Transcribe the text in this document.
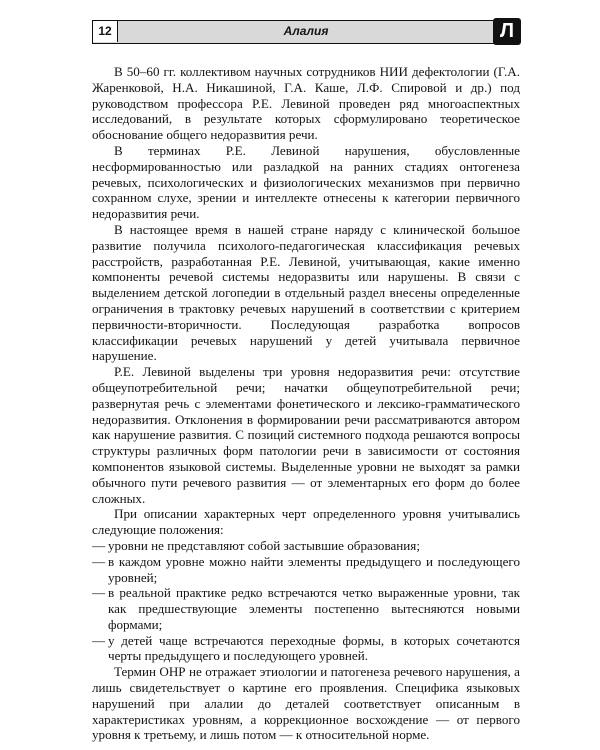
12	Алалия	Л

В 50–60 гг. коллективом научных сотрудников НИИ дефектологии (Г.А. Жаренковой, Н.А. Никашиной, Г.А. Каше, Л.Ф. Спировой и др.) под руководством профессора Р.Е. Левиной проведен ряд многоаспектных исследований, в результате которых сформулировано теоретическое обоснование общего недоразвития речи.

В терминах Р.Е. Левиной нарушения, обусловленные несформированностью или разладкой на ранних стадиях онтогенеза речевых, психологических и физиологических механизмов при первично сохранном слухе, зрении и интеллекте отнесены к категории первичного недоразвития речи.

В настоящее время в нашей стране наряду с клинической большое развитие получила психолого-педагогическая классификация речевых расстройств, разработанная Р.Е. Левиной, учитывающая, какие именно компоненты речевой системы недоразвиты или нарушены. В связи с выделением детской логопедии в отдельный раздел внесены определенные ограничения в трактовку речевых нарушений в соответствии с критерием первичности-вторичности. Последующая разработка вопросов классификации речевых нарушений у детей учитывала первичное нарушение.

Р.Е. Левиной выделены три уровня недоразвития речи: отсутствие общеупотребительной речи; начатки общеупотребительной речи; развернутая речь с элементами фонетического и лексико-грамматического недоразвития. Отклонения в формировании речи рассматриваются автором как нарушение развития. С позиций системного подхода решаются вопросы структуры различных форм патологии речи в зависимости от состояния компонентов языковой системы. Выделенные уровни не выходят за рамки обычного пути речевого развития — от элементарных его форм до более сложных.

При описании характерных черт определенного уровня учитывались следующие положения:

— уровни не представляют собой застывшие образования;

— в каждом уровне можно найти элементы предыдущего и последующего уровней;

— в реальной практике редко встречаются четко выраженные уровни, так как предшествующие элементы постепенно вытесняются новыми формами;

— у детей чаще встречаются переходные формы, в которых сочетаются черты предыдущего и последующего уровней.

Термин ОНР не отражает этиологии и патогенеза речевого нарушения, а лишь свидетельствует о картине его проявления. Специфика языковых нарушений при алалии до деталей соответствует описанным в характеристиках уровням, а коррекционное восхождение — от первого уровня к третьему, и лишь потом — к относительной норме.
